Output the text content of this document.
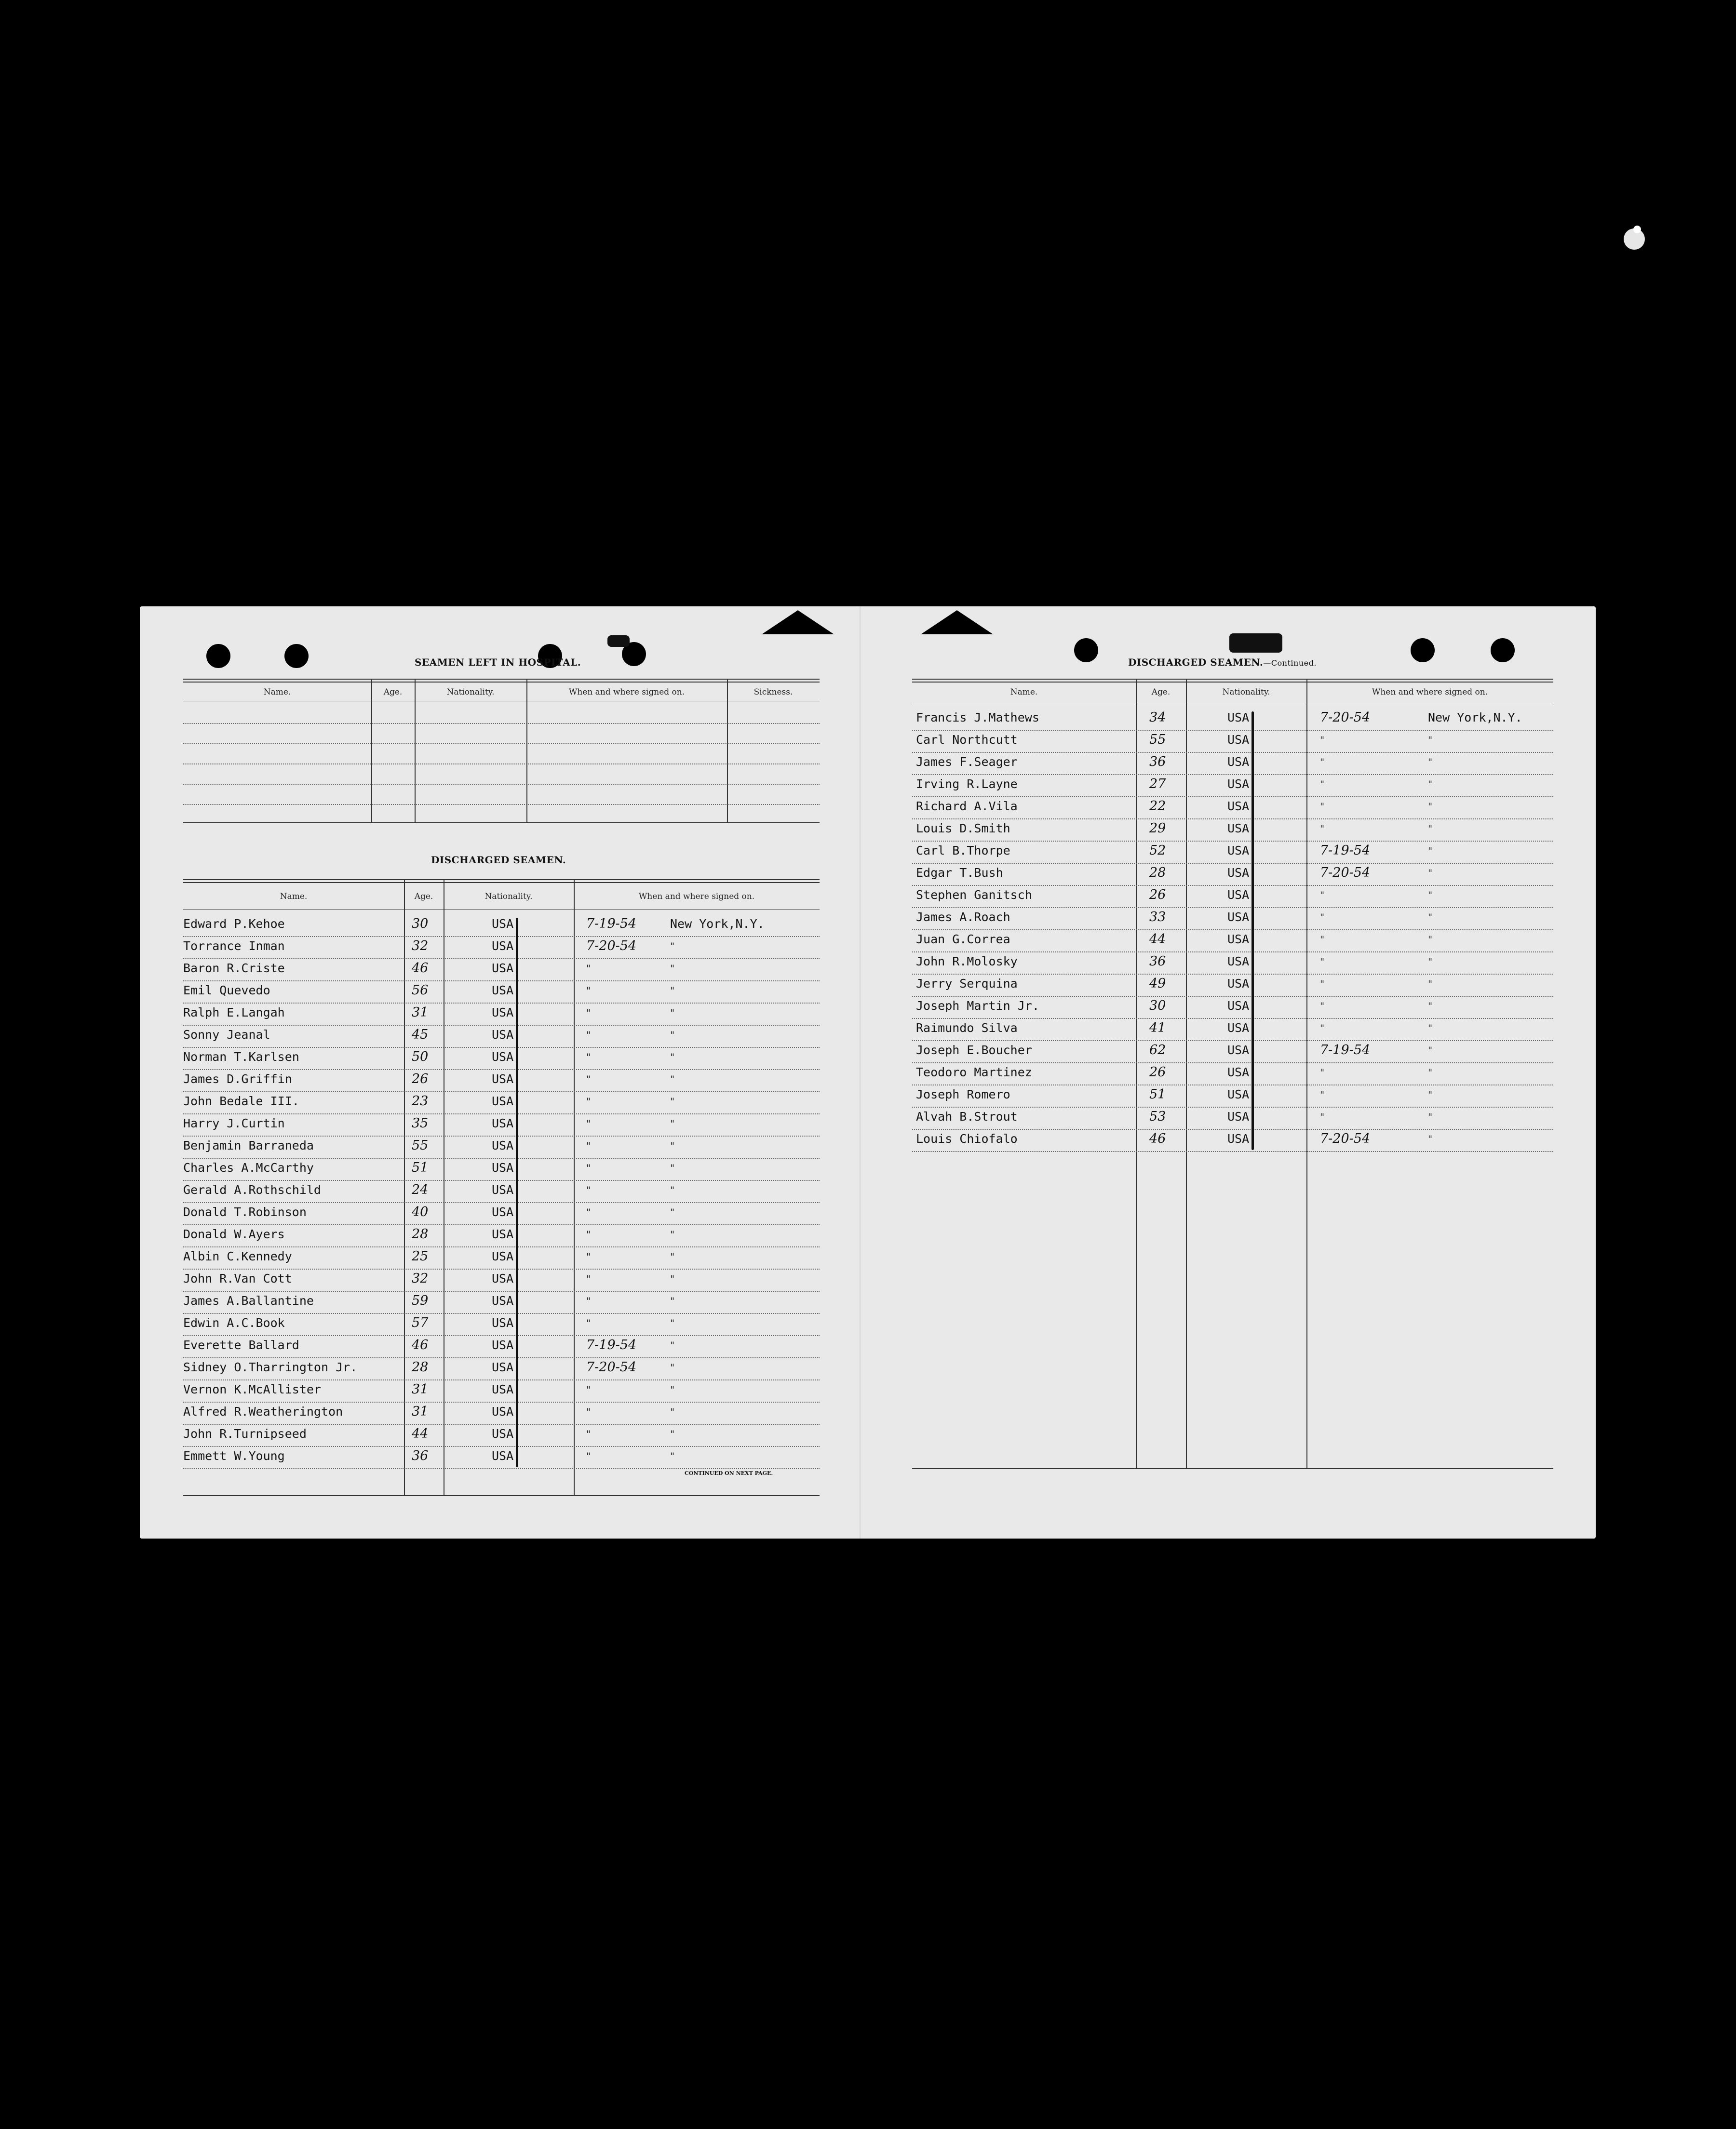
SEAMEN LEFT IN HOSPITAL.
Name.	Age.	Nationality.	When and where signed on.	Sickness.
DISCHARGED SEAMEN.
Name.	Age.	Nationality.	When and where signed on.
Edward P.Kehoe	30	USA	7-19-54	New York,N.Y.
Torrance Inman	32	USA	7-20-54	"
Baron R.Criste	46	USA	"	"
Emil Quevedo	56	USA	"	"
Ralph E.Langah	31	USA	"	"
Sonny Jeanal	45	USA	"	"
Norman T.Karlsen	50	USA	"	"
James D.Griffin	26	USA	"	"
John Bedale III.	23	USA	"	"
Harry J.Curtin	35	USA	"	"
Benjamin Barraneda	55	USA	"	"
Charles A.McCarthy	51	USA	"	"
Gerald A.Rothschild	24	USA	"	"
Donald T.Robinson	40	USA	"	"
Donald W.Ayers	28	USA	"	"
Albin C.Kennedy	25	USA	"	"
John R.Van Cott	32	USA	"	"
James A.Ballantine	59	USA	"	"
Edwin A.C.Book	57	USA	"	"
Everette Ballard	46	USA	7-19-54	"
Sidney O.Tharrington Jr.	28	USA	7-20-54	"
Vernon K.McAllister	31	USA	"	"
Alfred R.Weatherington	31	USA	"	"
John R.Turnipseed	44	USA	"	"
Emmett W.Young	36	USA	"	"
CONTINUED ON NEXT PAGE.
DISCHARGED SEAMEN.—Continued.
Name.	Age.	Nationality.	When and where signed on.
Francis J.Mathews	34	USA	7-20-54	New York,N.Y.
Carl Northcutt	55	USA	"	"
James F.Seager	36	USA	"	"
Irving R.Layne	27	USA	"	"
Richard A.Vila	22	USA	"	"
Louis D.Smith	29	USA	"	"
Carl B.Thorpe	52	USA	7-19-54	"
Edgar T.Bush	28	USA	7-20-54	"
Stephen Ganitsch	26	USA	"	"
James A.Roach	33	USA	"	"
Juan G.Correa	44	USA	"	"
John R.Molosky	36	USA	"	"
Jerry Serquina	49	USA	"	"
Joseph Martin Jr.	30	USA	"	"
Raimundo Silva	41	USA	"	"
Joseph E.Boucher	62	USA	7-19-54	"
Teodoro Martinez	26	USA	"	"
Joseph Romero	51	USA	"	"
Alvah B.Strout	53	USA	"	"
Louis Chiofalo	46	USA	7-20-54	"
